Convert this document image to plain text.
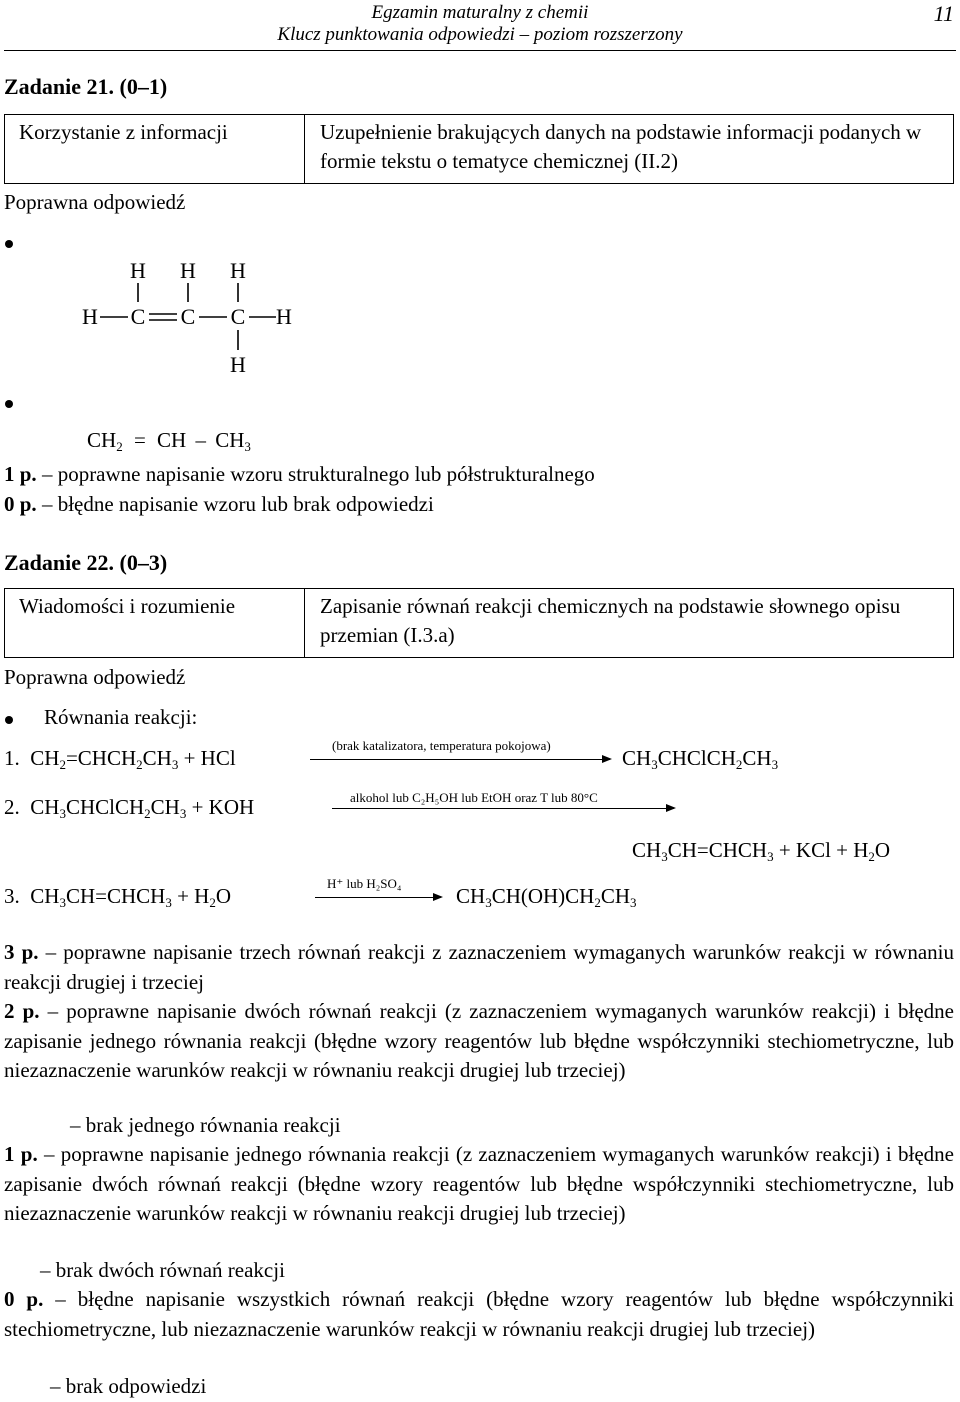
Egzamin maturalny z chemii
Klucz punktowania odpowiedzi – poziom rozszerzony
11
Zadanie 21. (0–1)
Korzystanie z informacji	Uzupełnienie brakujących danych na podstawie informacji podanych w formie tekstu o tematyce chemicznej (II.2)
Poprawna odpowiedź
H H H
H C C C H
H
$CH_2$ = CH – $CH_3$
1 p. – poprawne napisanie wzoru strukturalnego lub półstrukturalnego
0 p. – błędne napisanie wzoru lub brak odpowiedzi
Zadanie 22. (0–3)
Wiadomości i rozumienie	Zapisanie równań reakcji chemicznych na podstawie słownego opisu przemian (I.3.a)
Poprawna odpowiedź
Równania reakcji:
1.  $CH_2=CHCH_2CH_3$ + HCl
(brak katalizatora, temperatura pokojowa)
$CH_3CHClCH_2CH_3$
2.  $CH_3CHClCH_2CH_3$ + KOH	alkohol lub C₂H₅OH lub EtOH oraz T lub 80°C
$CH_3CH=CHCH_3$ + KCl + $H_2O$
3.  $CH_3CH=CHCH_3 + H_2O$
H⁺ lub H₂SO₄
$CH_3CH(OH)CH_2CH_3$
3 p. – poprawne napisanie trzech równań reakcji z zaznaczeniem wymaganych warunków reakcji w równaniu reakcji drugiej i trzeciej
2 p. – poprawne napisanie dwóch równań reakcji (z zaznaczeniem wymaganych warunków reakcji) i błędne zapisanie jednego równania reakcji (błędne wzory reagentów lub błędne współczynniki stechiometryczne, lub niezaznaczenie warunków reakcji w równaniu reakcji drugiej lub trzeciej)
– brak jednego równania reakcji
1 p. – poprawne napisanie jednego równania reakcji (z zaznaczeniem wymaganych warunków reakcji) i błędne zapisanie dwóch równań reakcji (błędne wzory reagentów lub błędne współczynniki stechiometryczne, lub niezaznaczenie warunków reakcji w równaniu reakcji drugiej lub trzeciej)
– brak dwóch równań reakcji
0 p. – błędne napisanie wszystkich równań reakcji (błędne wzory reagentów lub błędne współczynniki stechiometryczne, lub niezaznaczenie warunków reakcji w równaniu reakcji drugiej lub trzeciej)
– brak odpowiedzi
